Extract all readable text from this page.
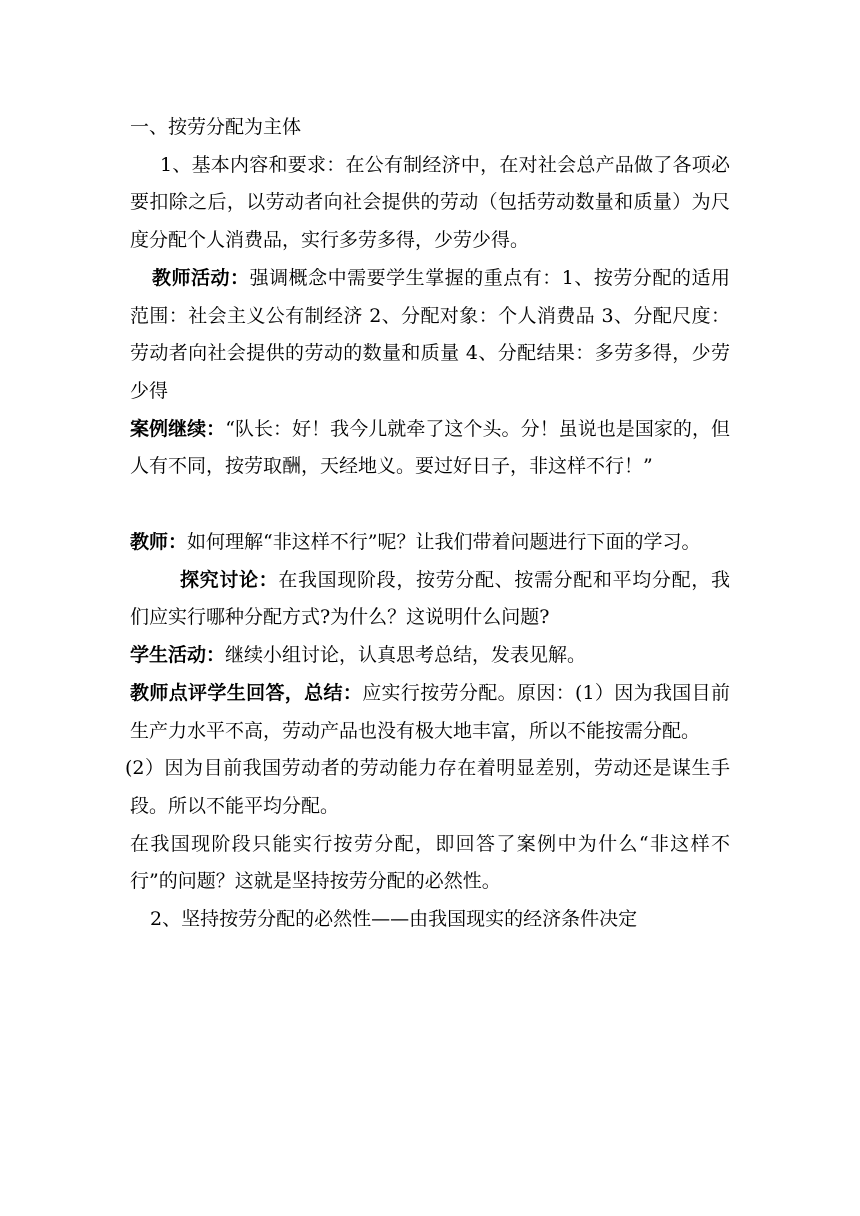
一、按劳分配为主体

1、基本内容和要求：在公有制经济中，在对社会总产品做了各项必要扣除之后，以劳动者向社会提供的劳动（包括劳动数量和质量）为尺度分配个人消费品，实行多劳多得，少劳少得。

教师活动：强调概念中需要学生掌握的重点有：1、按劳分配的适用范围：社会主义公有制经济 2、分配对象：个人消费品 3、分配尺度：劳动者向社会提供的劳动的数量和质量 4、分配结果：多劳多得，少劳少得

案例继续：“队长：好！我今儿就牵了这个头。分！虽说也是国家的，但人有不同，按劳取酬，天经地义。要过好日子，非这样不行！”

教师：如何理解“非这样不行”呢？让我们带着问题进行下面的学习。

探究讨论：在我国现阶段，按劳分配、按需分配和平均分配，我们应实行哪种分配方式?为什么？这说明什么问题?

学生活动：继续小组讨论，认真思考总结，发表见解。

教师点评学生回答，总结：应实行按劳分配。原因：(1）因为我国目前生产力水平不高，劳动产品也没有极大地丰富，所以不能按需分配。

(2）因为目前我国劳动者的劳动能力存在着明显差别，劳动还是谋生手段。所以不能平均分配。

在我国现阶段只能实行按劳分配，即回答了案例中为什么“非这样不行”的问题？这就是坚持按劳分配的必然性。

2、坚持按劳分配的必然性——由我国现实的经济条件决定
